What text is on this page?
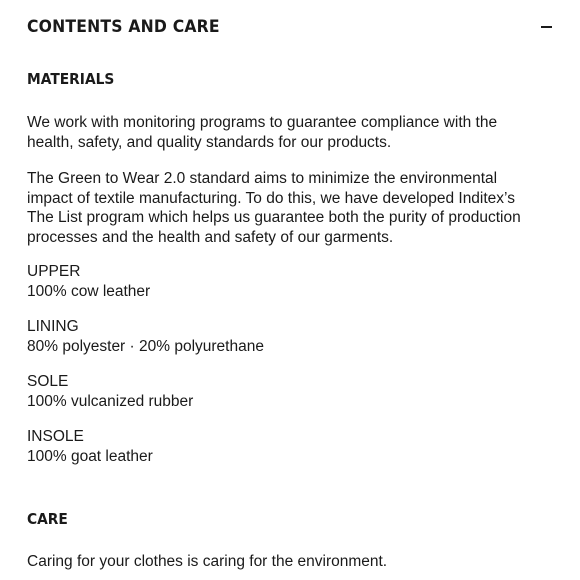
CONTENTS AND CARE
MATERIALS

We work with monitoring programs to guarantee compliance with the
health, safety, and quality standards for our products.

The Green to Wear 2.0 standard aims to minimize the environmental
impact of textile manufacturing. To do this, we have developed Inditex’s
The List program which helps us guarantee both the purity of production
processes and the health and safety of our garments.

UPPER
100% cow leather
LINING
80% polyester · 20% polyurethane
SOLE
100% vulcanized rubber
INSOLE
100% goat leather
CARE

Caring for your clothes is caring for the environment.
